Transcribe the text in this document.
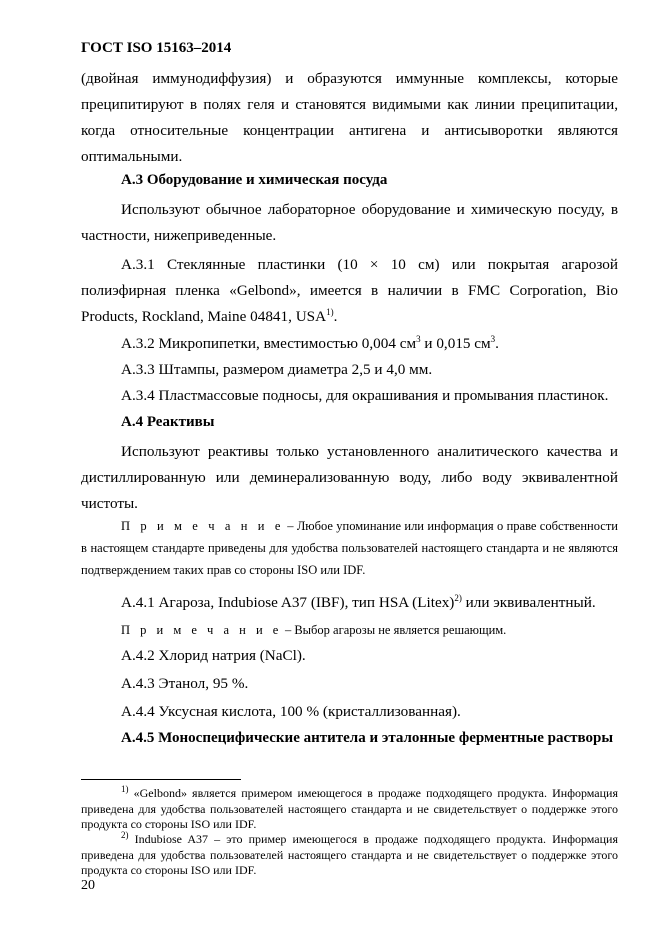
ГОСТ ISO 15163–2014
(двойная иммунодиффузия) и образуются иммунные комплексы, которые преципитируют в полях геля и становятся видимыми как линии преципитации, когда относительные концентрации антигена и антисыворотки являются оптимальными.
А.3 Оборудование и химическая посуда
Используют обычное лабораторное оборудование и химическую посуду, в частности, нижеприведенные.
А.3.1 Стеклянные пластинки (10 × 10 см) или покрытая агарозой полиэфирная пленка «Gelbond», имеется в наличии в FMC Corporation, Bio Products, Rockland, Maine 04841, USA$^{1)}$.
А.3.2 Микропипетки, вместимостью 0,004 $см^3$ и 0,015 $см^3$.
А.3.3 Штампы, размером диаметра 2,5 и 4,0 мм.
А.3.4 Пластмассовые подносы, для окрашивания и промывания пластинок.
А.4 Реактивы
Используют реактивы только установленного аналитического качества и дистиллированную или деминерализованную воду, либо воду эквивалентной чистоты.
П р и м е ч а н и е – Любое упоминание или информация о праве собственности в настоящем стандарте приведены для удобства пользователей настоящего стандарта и не являются подтверждением таких прав со стороны ISO или IDF.
А.4.1 Агароза, Indubiose A37 (IBF), тип HSA (Litex)$^{2)}$ или эквивалентный.
П р и м е ч а н и е – Выбор агарозы не является решающим.
А.4.2 Хлорид натрия (NaCl).
А.4.3 Этанол, 95 %.
А.4.4 Уксусная кислота, 100 % (кристаллизованная).
А.4.5 Моноспецифические антитела и эталонные ферментные растворы
$^{1)}$ «Gelbond» является примером имеющегося в продаже подходящего продукта. Информация приведена для удобства пользователей настоящего стандарта и не свидетельствует о поддержке этого продукта со стороны ISO или IDF.
$^{2)}$ Indubiose A37 – это пример имеющегося в продаже подходящего продукта. Информация приведена для удобства пользователей настоящего стандарта и не свидетельствует о поддержке этого продукта со стороны ISO или IDF.
20
